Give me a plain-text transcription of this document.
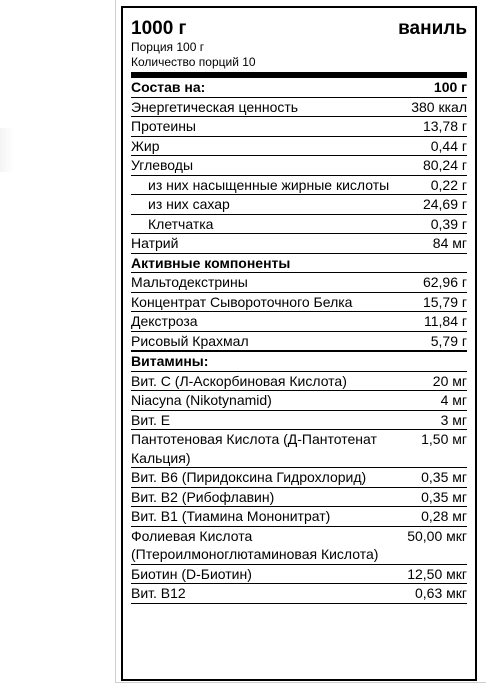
1000 г	ваниль
Порция 100 г
Количество порций 10
Состав на:	100 г
Энергетическая ценность	380 ккал
Протеины	13,78 г
Жир	0,44 г
Углеводы	80,24 г
из них насыщенные жирные кислоты	0,22 г
из них сахар	24,69 г
Клетчатка	0,39 г
Натрий	84 мг
Активные компоненты
Мальтодекстрины	62,96 г
Концентрат Сывороточного Белка	15,79 г
Декстроза	11,84 г
Рисовый Крахмал	5,79 г
Витамины:
Вит. C (Л-Аскорбиновая Кислота)	20 мг
Niacyna (Nikotynamid)	4 мг
Вит. E	3 мг
Пантотеновая Кислота (Д-Пантотенат Кальция)
1,50 мг
Вит. B6 (Пиридоксина Гидрохлорид)	0,35 мг
Вит. B2 (Рибофлавин)	0,35 мг
Вит. B1 (Тиамина Мононитрат)	0,28 мг
Фолиевая Кислота (Птероилмоноглютаминовая Кислота)
50,00 мкг
Биотин (D-Биотин)	12,50 мкг
Вит. B12	0,63 мкг
